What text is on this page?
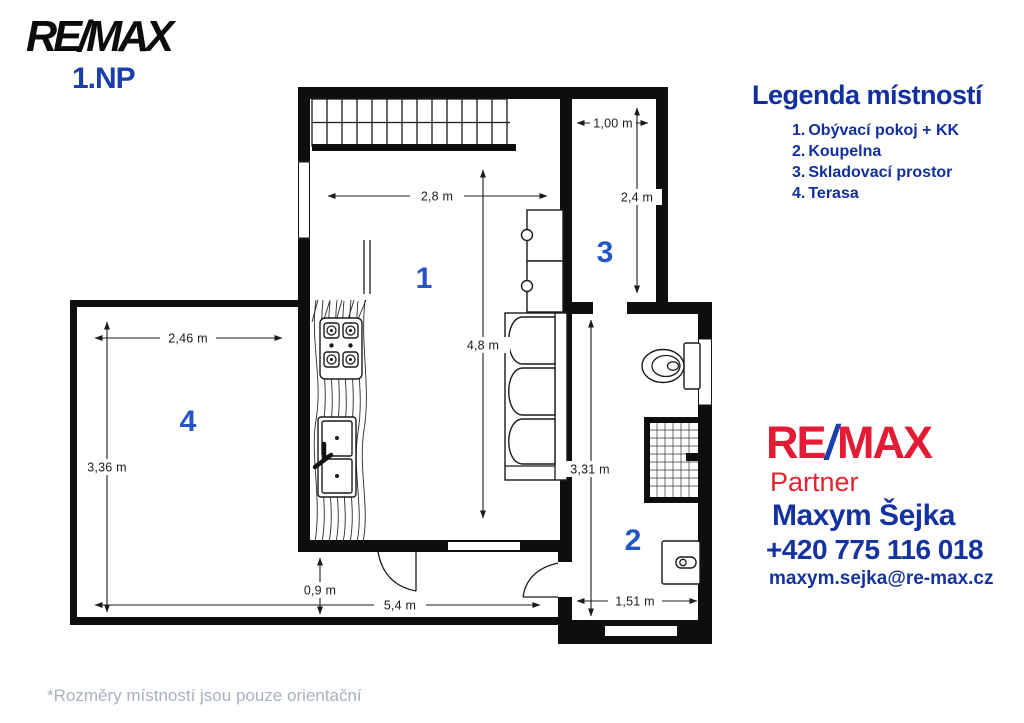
RE/MAX
1.NP	Legenda místností
1. Obývací pokoj + KK
2. Koupelna
3. Skladovací prostor
4. Terasa
2,8 m
4,8 m
1,00 m
2,4 m
3,31 m
1,51 m
2,46 m
3,36 m
5,4 m
0,9 m
1
3
2
4	RE/MAX
Partner
Maxym Šejka
+420 775 116 018
maxym.sejka@re-max.cz
*Rozměry místností jsou pouze orientační
